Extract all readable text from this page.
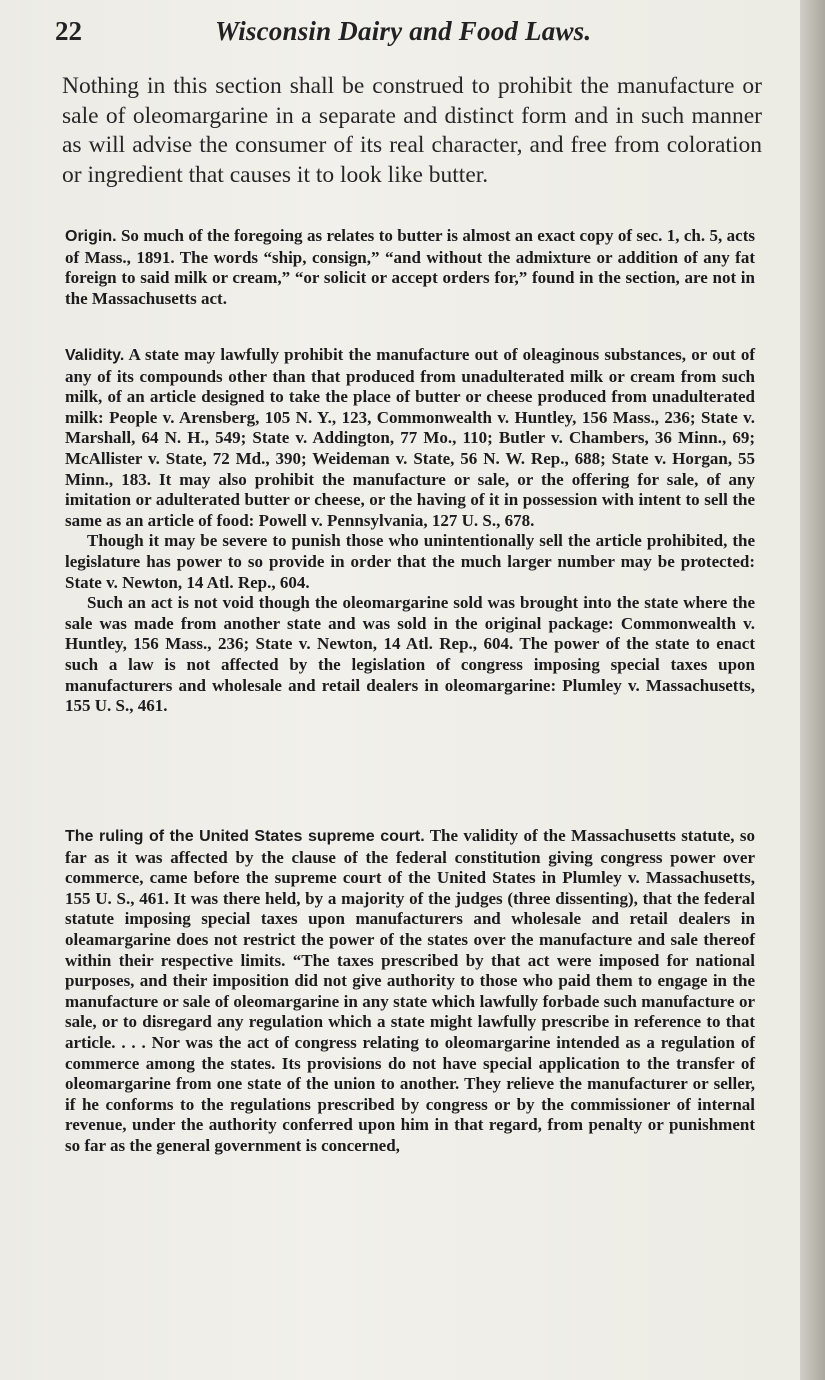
22	Wisconsin Dairy and Food Laws.
Nothing in this section shall be construed to prohibit the manufacture or sale of oleomargarine in a separate and distinct form and in such manner as will advise the consumer of its real character, and free from coloration or ingredient that causes it to look like butter.

Origin. So much of the foregoing as relates to butter is almost an exact copy of sec. 1, ch. 5, acts of Mass., 1891. The words “ship, consign,” “and without the admixture or addition of any fat foreign to said milk or cream,” “or solicit or accept orders for,” found in the section, are not in the Massachusetts act.

Validity. A state may lawfully prohibit the manufacture out of oleaginous substances, or out of any of its compounds other than that produced from unadulterated milk or cream from such milk, of an article designed to take the place of butter or cheese produced from unadulterated milk: People v. Arensberg, 105 N. Y., 123, Commonwealth v. Huntley, 156 Mass., 236; State v. Marshall, 64 N. H., 549; State v. Addington, 77 Mo., 110; Butler v. Chambers, 36 Minn., 69; McAllister v. State, 72 Md., 390; Weideman v. State, 56 N. W. Rep., 688; State v. Horgan, 55 Minn., 183. It may also prohibit the manufacture or sale, or the offering for sale, of any imitation or adulterated butter or cheese, or the having of it in possession with intent to sell the same as an article of food: Powell v. Pennsylvania, 127 U. S., 678.

Though it may be severe to punish those who unintentionally sell the article prohibited, the legislature has power to so provide in order that the much larger number may be protected: State v. Newton, 14 Atl. Rep., 604.

Such an act is not void though the oleomargarine sold was brought into the state where the sale was made from another state and was sold in the original package: Commonwealth v. Huntley, 156 Mass., 236; State v. Newton, 14 Atl. Rep., 604. The power of the state to enact such a law is not affected by the legislation of congress imposing special taxes upon manufacturers and wholesale and retail dealers in oleomargarine: Plumley v. Massachusetts, 155 U. S., 461.

The ruling of the United States supreme court. The validity of the Massachusetts statute, so far as it was affected by the clause of the federal constitution giving congress power over commerce, came before the supreme court of the United States in Plumley v. Massachusetts, 155 U. S., 461. It was there held, by a majority of the judges (three dissenting), that the federal statute imposing special taxes upon manufacturers and wholesale and retail dealers in oleamargarine does not restrict the power of the states over the manufacture and sale thereof within their respective limits. “The taxes prescribed by that act were imposed for national purposes, and their imposition did not give authority to those who paid them to engage in the manufacture or sale of oleomargarine in any state which lawfully forbade such manufacture or sale, or to disregard any regulation which a state might lawfully prescribe in reference to that article. . . . Nor was the act of congress relating to oleomargarine intended as a regulation of commerce among the states. Its provisions do not have special application to the transfer of oleomargarine from one state of the union to another. They relieve the manufacturer or seller, if he conforms to the regulations prescribed by congress or by the commissioner of internal revenue, under the authority conferred upon him in that regard, from penalty or punishment so far as the general government is concerned,
